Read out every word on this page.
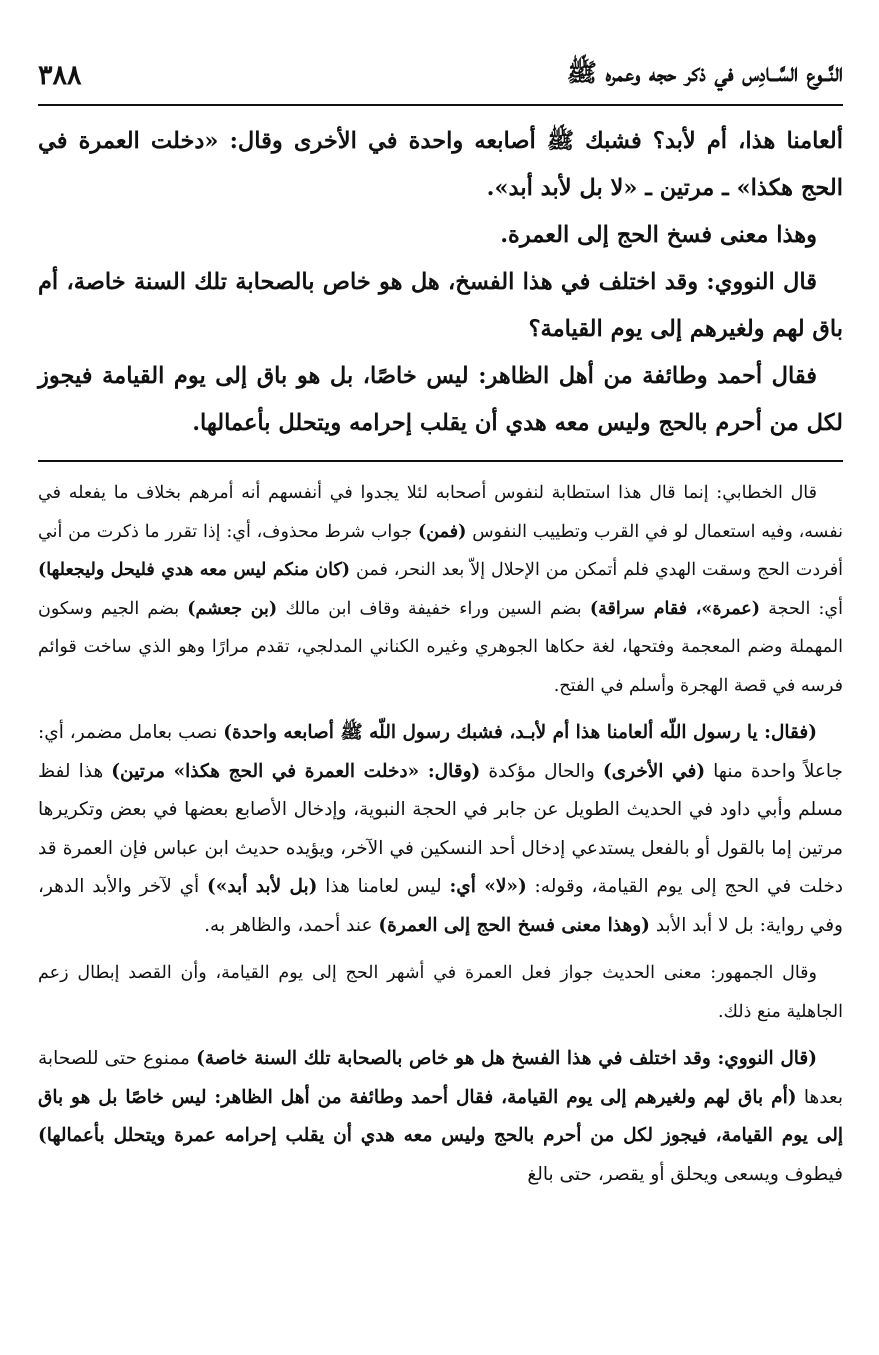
النَّــوع السَّــادِس في ذكر حجه وعمره ﷺ
٣٨٨

ألعامنا هذا، أم لأبد؟ فشبك ﷺ أصابعه واحدة في الأخرى وقال: «دخلت العمرة في الحج هكذا» ـ مرتين ـ «لا بل لأبد أبد».

وهذا معنى فسخ الحج إلى العمرة.

قال النووي: وقد اختلف في هذا الفسخ، هل هو خاص بالصحابة تلك السنة خاصة، أم باق لهم ولغيرهم إلى يوم القيامة؟

فقال أحمد وطائفة من أهل الظاهر: ليس خاصًا، بل هو باق إلى يوم القيامة فيجوز لكل من أحرم بالحج وليس معه هدي أن يقلب إحرامه ويتحلل بأعمالها.

قال الخطابي: إنما قال هذا استطابة لنفوس أصحابه لئلا يجدوا في أنفسهم أنه أمرهم بخلاف ما يفعله في نفسه، وفيه استعمال لو في القرب وتطييب النفوس (فمن) جواب شرط محذوف، أي: إذا تقرر ما ذكرت من أني أفردت الحج وسقت الهدي فلم أتمكن من الإحلال إلاّ بعد النحر، فمن (كان منكم ليس معه هدي فليحل وليجعلها) أي: الحجة (عمرة»، فقام سراقة) بضم السين وراء خفيفة وقاف ابن مالك (بن جعشم) بضم الجيم وسكون المهملة وضم المعجمة وفتحها، لغة حكاها الجوهري وغيره الكناني المدلجي، تقدم مرارًا وهو الذي ساخت قوائم فرسه في قصة الهجرة وأسلم في الفتح.

(فقال: يا رسول اللّه ألعامنا هذا أم لأبـد، فشبك رسول اللّه ﷺ أصابعه واحدة) نصب بعامل مضمر، أي: جاعلاً واحدة منها (في الأخرى) والحال مؤكدة (وقال: «دخلت العمرة في الحج هكذا» مرتين) هذا لفظ مسلم وأبي داود في الحديث الطويل عن جابر في الحجة النبوية، وإدخال الأصابع بعضها في بعض وتكريرها مرتين إما بالقول أو بالفعل يستدعي إدخال أحد النسكين في الآخر، ويؤيده حديث ابن عباس فإن العمرة قد دخلت في الحج إلى يوم القيامة، وقوله: («لا» أي: ليس لعامنا هذا (بل لأبد أبد») أي لآخر والأبد الدهر، وفي رواية: بل لا أبد الأبد (وهذا معنى فسخ الحج إلى العمرة) عند أحمد، والظاهر به.

وقال الجمهور: معنى الحديث جواز فعل العمرة في أشهر الحج إلى يوم القيامة، وأن القصد إبطال زعم الجاهلية منع ذلك.

(قال النووي: وقد اختلف في هذا الفسخ هل هو خاص بالصحابة تلك السنة خاصة) ممنوع حتى للصحابة بعدها (أم باق لهم ولغيرهم إلى يوم القيامة، فقال أحمد وطائفة من أهل الظاهر: ليس خاصًا بل هو باق إلى يوم القيامة، فيجوز لكل من أحرم بالحج وليس معه هدي أن يقلب إحرامه عمرة ويتحلل بأعمالها) فيطوف ويسعى ويحلق أو يقصر، حتى بالغ
